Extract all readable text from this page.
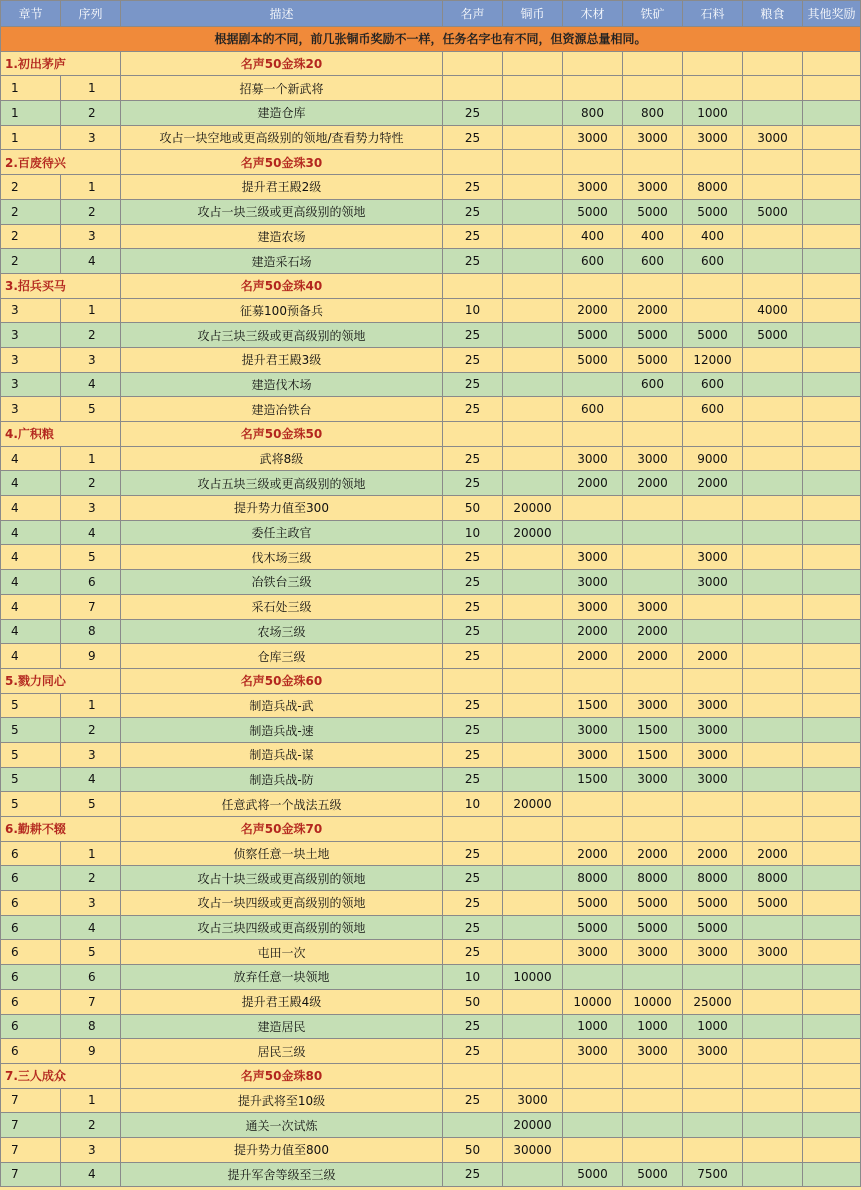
章节	序列	描述	名声	铜币	木材	铁矿	石料	粮食	其他奖励
根据剧本的不同，前几张铜币奖励不一样，任务名字也有不同，但资源总量相同。									
1.初出茅庐		名声50金珠20							
1	1	招募一个新武将							
1	2	建造仓库	25		800	800	1000		
1	3	攻占一块空地或更高级别的领地/查看势力特性	25		3000	3000	3000	3000	
2.百废待兴		名声50金珠30							
2	1	提升君王殿2级	25		3000	3000	8000		
2	2	攻占一块三级或更高级别的领地	25		5000	5000	5000	5000	
2	3	建造农场	25		400	400	400		
2	4	建造采石场	25		600	600	600		
3.招兵买马		名声50金珠40							
3	1	征募100预备兵	10		2000	2000		4000	
3	2	攻占三块三级或更高级别的领地	25		5000	5000	5000	5000	
3	3	提升君王殿3级	25		5000	5000	12000		
3	4	建造伐木场	25			600	600		
3	5	建造冶铁台	25		600		600		
4.广积粮		名声50金珠50							
4	1	武将8级	25		3000	3000	9000		
4	2	攻占五块三级或更高级别的领地	25		2000	2000	2000		
4	3	提升势力值至300	50	20000					
4	4	委任主政官	10	20000					
4	5	伐木场三级	25		3000		3000		
4	6	冶铁台三级	25		3000		3000		
4	7	采石处三级	25		3000	3000			
4	8	农场三级	25		2000	2000			
4	9	仓库三级	25		2000	2000	2000		
5.戮力同心		名声50金珠60							
5	1	制造兵战-武	25		1500	3000	3000		
5	2	制造兵战-速	25		3000	1500	3000		
5	3	制造兵战-谋	25		3000	1500	3000		
5	4	制造兵战-防	25		1500	3000	3000		
5	5	任意武将一个战法五级	10	20000					
6.勤耕不辍		名声50金珠70							
6	1	侦察任意一块土地	25		2000	2000	2000	2000	
6	2	攻占十块三级或更高级别的领地	25		8000	8000	8000	8000	
6	3	攻占一块四级或更高级别的领地	25		5000	5000	5000	5000	
6	4	攻占三块四级或更高级别的领地	25		5000	5000	5000		
6	5	屯田一次	25		3000	3000	3000	3000	
6	6	放弃任意一块领地	10	10000					
6	7	提升君王殿4级	50		10000	10000	25000		
6	8	建造居民	25		1000	1000	1000		
6	9	居民三级	25		3000	3000	3000		
7.三人成众		名声50金珠80							
7	1	提升武将至10级	25	3000					
7	2	通关一次试炼		20000					
7	3	提升势力值至800	50	30000					
7	4	提升军舍等级至三级	25		5000	5000	7500		
